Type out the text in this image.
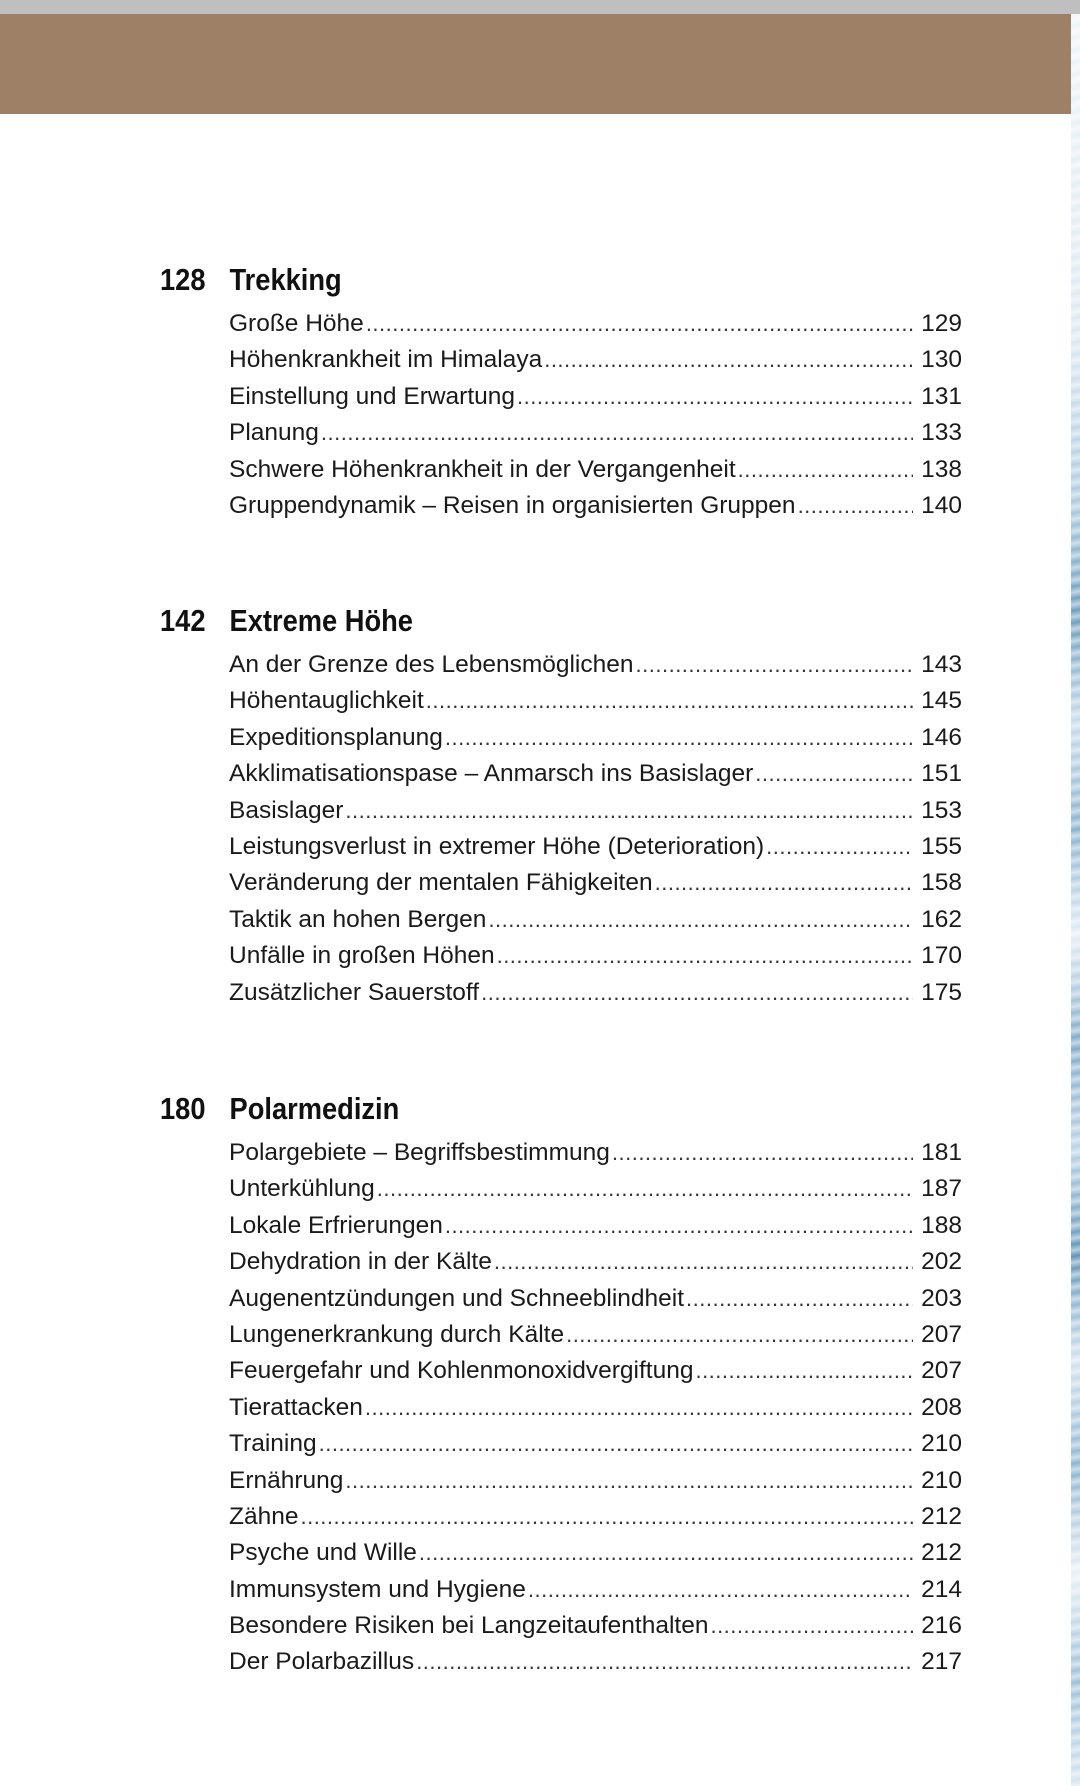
128 Trekking
Große Höhe .....	129
Höhenkrankheit im Himalaya .....	130
Einstellung und Erwartung .....	131
Planung .....	133
Schwere Höhenkrankheit in der Vergangenheit .....	138
Gruppendynamik – Reisen in organisierten Gruppen .....	140
142 Extreme Höhe
An der Grenze des Lebensmöglichen .....	143
Höhentauglichkeit .....	145
Expeditionsplanung .....	146
Akklimatisationspase – Anmarsch ins Basislager .....	151
Basislager .....	153
Leistungsverlust in extremer Höhe (Deterioration) .....	155
Veränderung der mentalen Fähigkeiten .....	158
Taktik an hohen Bergen .....	162
Unfälle in großen Höhen .....	170
Zusätzlicher Sauerstoff .....	175
180 Polarmedizin
Polargebiete – Begriffsbestimmung .....	181
Unterkühlung .....	187
Lokale Erfrierungen .....	188
Dehydration in der Kälte .....	202
Augenentzündungen und Schneeblindheit .....	203
Lungenerkrankung durch Kälte .....	207
Feuergefahr und Kohlenmonoxidvergiftung .....	207
Tierattacken .....	208
Training .....	210
Ernährung .....	210
Zähne .....	212
Psyche und Wille .....	212
Immunsystem und Hygiene .....	214
Besondere Risiken bei Langzeitaufenthalten .....	216
Der Polarbazillus .....	217
